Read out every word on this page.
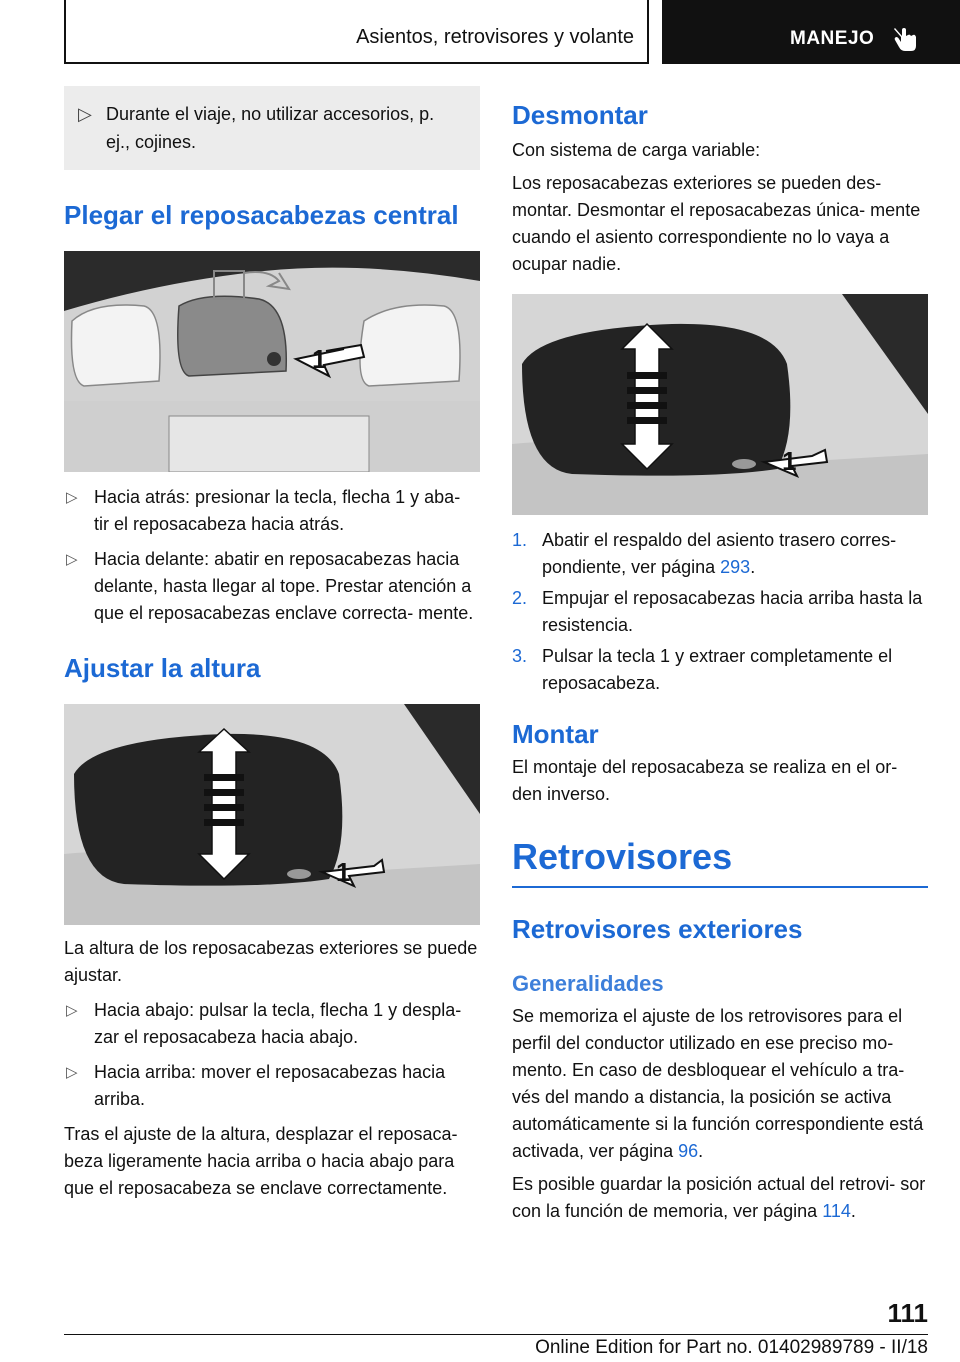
Asientos, retrovisores y volante	MANEJO
▷ Durante el viaje, no utilizar accesorios, p. ej., cojines.
Plegar el reposacabezas central
1
▷ Hacia atrás: presionar la tecla, flecha 1 y aba- tir el reposacabeza hacia atrás.
▷ Hacia delante: abatir en reposacabezas hacia delante, hasta llegar al tope. Prestar atención a que el reposacabezas enclave correcta- mente.
Ajustar la altura
1

La altura de los reposacabezas exteriores se puede ajustar.

▷ Hacia abajo: pulsar la tecla, flecha 1 y despla- zar el reposacabeza hacia abajo.
▷ Hacia arriba: mover el reposacabezas hacia arriba.

Tras el ajuste de la altura, desplazar el reposaca- beza ligeramente hacia arriba o hacia abajo para que el reposacabeza se enclave correctamente.

Desmontar

Con sistema de carga variable:

Los reposacabezas exteriores se pueden des- montar. Desmontar el reposacabezas única- mente cuando el asiento correspondiente no lo vaya a ocupar nadie.

1
1. Abatir el respaldo del asiento trasero corres- pondiente, ver página 293.
2. Empujar el reposacabezas hacia arriba hasta la resistencia.
3. Pulsar la tecla 1 y extraer completamente el reposacabeza.
Montar

El montaje del reposacabeza se realiza en el or- den inverso.

Retrovisores
Retrovisores exteriores
Generalidades

Se memoriza el ajuste de los retrovisores para el perfil del conductor utilizado en ese preciso mo- mento. En caso de desbloquear el vehículo a tra- vés del mando a distancia, la posición se activa automáticamente si la función correspondiente está activada, ver página 96.

Es posible guardar la posición actual del retrovi- sor con la función de memoria, ver página 114.

111
Online Edition for Part no. 01402989789 - II/18
